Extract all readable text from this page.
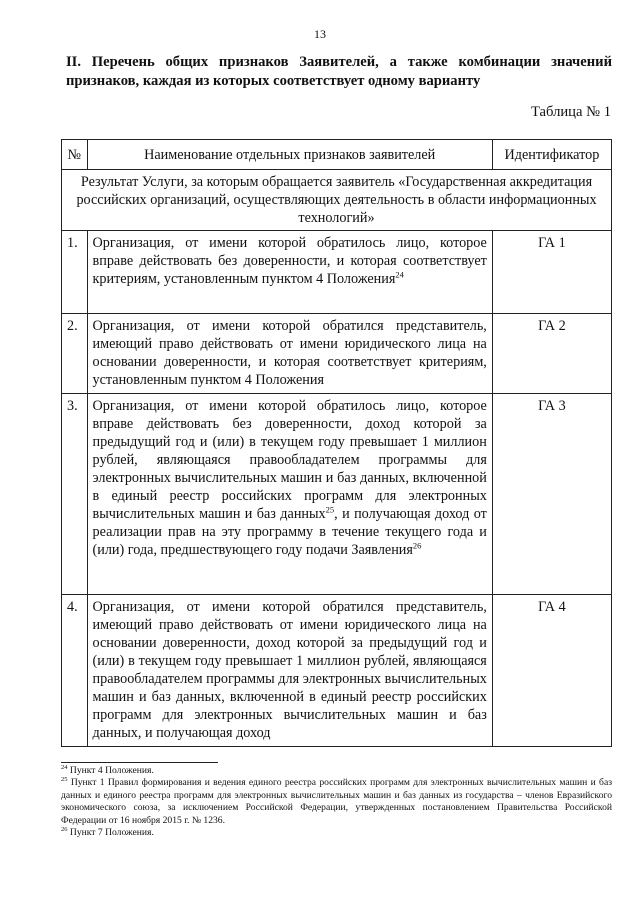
13
II. Перечень общих признаков Заявителей, а также комбинации значений признаков, каждая из которых соответствует одному варианту
Таблица № 1
№	Наименование отдельных признаков заявителей	Идентификатор
Результат Услуги, за которым обращается заявитель «Государственная аккредитация российских организаций, осуществляющих деятельность в области информационных технологий»		
1.	Организация, от имени которой обратилось лицо, которое вправе действовать без доверенности, и которая соответствует критериям, установленным пунктом 4 Положения$^{24}$	ГА 1
2.	Организация, от имени которой обратился представитель, имеющий право действовать от имени юридического лица на основании доверенности, и которая соответствует критериям, установленным пунктом 4 Положения	ГА 2
3.	Организация, от имени которой обратилось лицо, которое вправе действовать без доверенности, доход которой за предыдущий год и (или) в текущем году превышает 1 миллион рублей, являющаяся правообладателем программы для электронных вычислительных машин и баз данных, включенной в единый реестр российских программ для электронных вычислительных машин и баз данных$^{25}$, и получающая доход от реализации прав на эту программу в течение текущего года и (или) года, предшествующего году подачи Заявления$^{26}$	ГА 3
4.	Организация, от имени которой обратился представитель, имеющий право действовать от имени юридического лица на основании доверенности, доход которой за предыдущий год и (или) в текущем году превышает 1 миллион рублей, являющаяся правообладателем программы для электронных вычислительных машин и баз данных, включенной в единый реестр российских программ для электронных вычислительных машин и баз данных, и получающая доход	ГА 4

$^{24}$ Пункт 4 Положения.

$^{25}$ Пункт 1 Правил формирования и ведения единого реестра российских программ для электронных вычислительных машин и баз данных и единого реестра программ для электронных вычислительных машин и баз данных из государства – членов Евразийского экономического союза, за исключением Российской Федерации, утвержденных постановлением Правительства Российской Федерации от 16 ноября 2015 г. № 1236.

$^{26}$ Пункт 7 Положения.
